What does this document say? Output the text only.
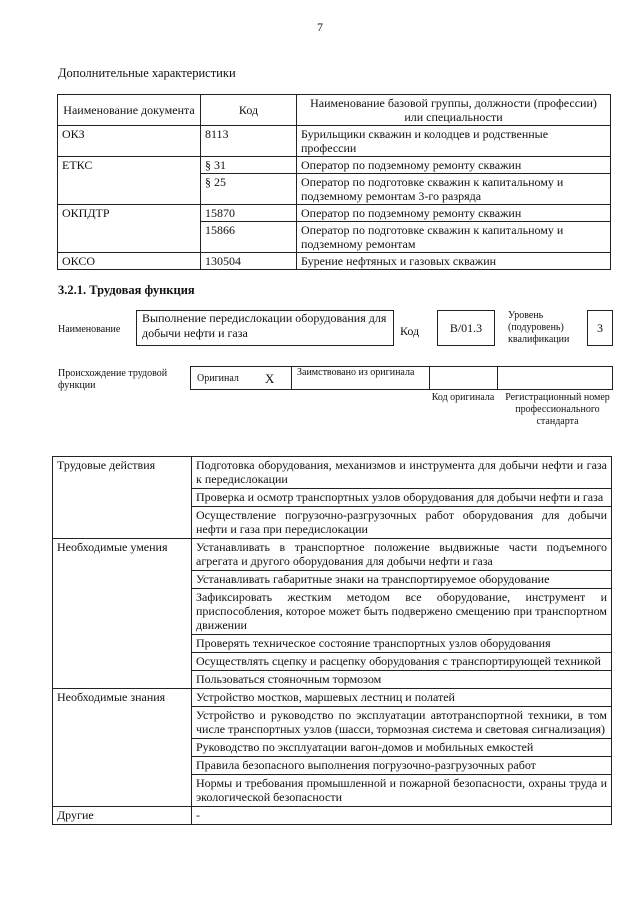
7
Дополнительные характеристики
Наименование документа	Код	Наименование базовой группы, должности (профессии) или специальности
ОКЗ	8113	Бурильщики скважин и колодцев и родственные профессии
ЕТКС	§ 31	Оператор по подземному ремонту скважин
	§ 25	Оператор по подготовке скважин к капитальному и подземному ремонтам 3-го разряда
ОКПДТР	15870	Оператор по подземному ремонту скважин
	15866	Оператор по подготовке скважин к капитальному и подземному ремонтам
ОКСО	130504	Бурение нефтяных и газовых скважин
3.2.1. Трудовая функция
Наименование
Выполнение передислокации оборудования для добычи нефти и газа	Код	В/01.3
Уровень (подуровень) квалификации
3
Происхождение трудовой функции
Оригинал X Заимствовано из оригинала
Код оригинала	Регистрационный номер профессионального стандарта
Трудовые действия	Подготовка оборудования, механизмов и инструмента для добычи нефти и газа к передислокации
	Проверка и осмотр транспортных узлов оборудования для добычи нефти и газа
	Осуществление погрузочно-разгрузочных работ оборудования для добычи нефти и газа при передислокации
Необходимые умения	Устанавливать в транспортное положение выдвижные части подъемного агрегата и другого оборудования для добычи нефти и газа
	Устанавливать габаритные знаки на транспортируемое оборудование
	Зафиксировать жестким методом все оборудование, инструмент и приспособления, которое может быть подвержено смещению при транспортном движении
	Проверять техническое состояние транспортных узлов оборудования
	Осуществлять сцепку и расцепку оборудования с транспортирующей техникой
	Пользоваться стояночным тормозом
Необходимые знания	Устройство мостков, маршевых лестниц и полатей
	Устройство и руководство по эксплуатации автотранспортной техники, в том числе транспортных узлов (шасси, тормозная система и световая сигнализация)
	Руководство по эксплуатации вагон-домов и мобильных емкостей
	Правила безопасного выполнения погрузочно-разгрузочных работ
	Нормы и требования промышленной и пожарной безопасности, охраны труда и экологической безопасности
Другие	-
